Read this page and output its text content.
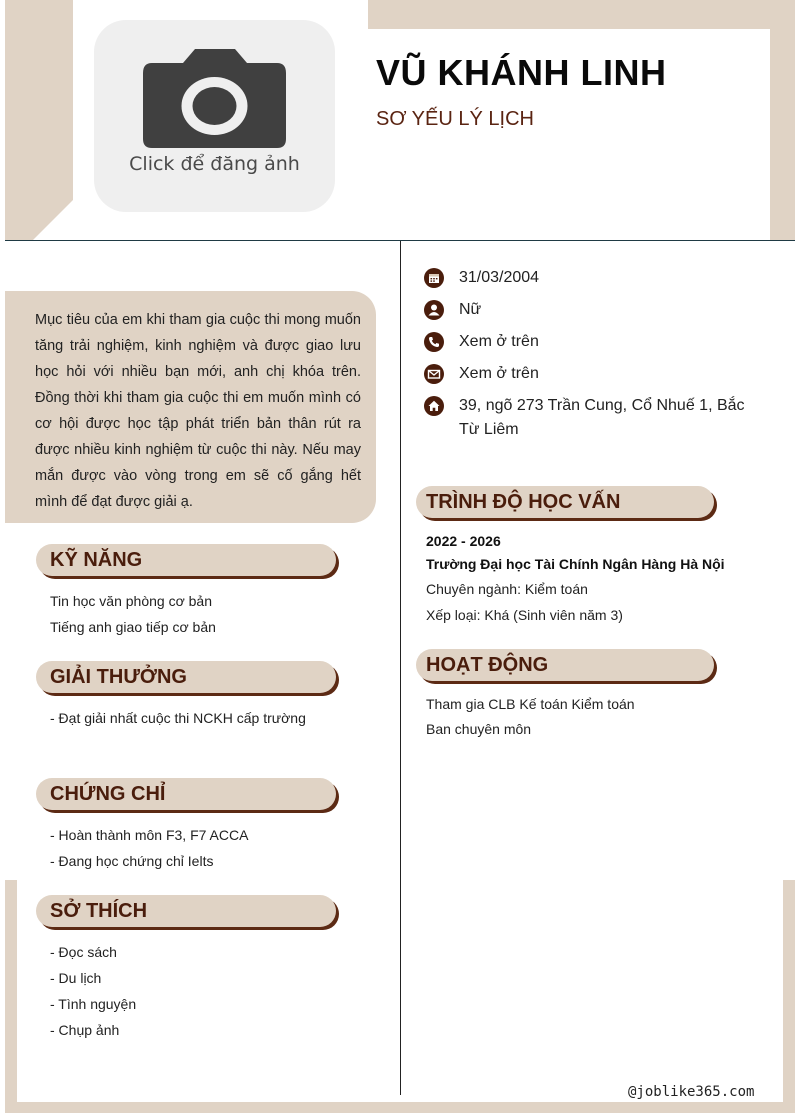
Click để đăng ảnh
VŨ KHÁNH LINH
SƠ YẾU LÝ LỊCH

Mục tiêu của em khi tham gia cuộc thi mong muốn tăng trải nghiệm, kinh nghiệm và được giao lưu học hỏi với nhiều bạn mới, anh chị khóa trên. Đồng thời khi tham gia cuộc thi em muốn mình có cơ hội được học tập phát triển bản thân rút ra được nhiều kinh nghiệm từ cuộc thi này. Nếu may mắn được vào vòng trong em sẽ cố gắng hết mình để đạt được giải ạ.

31/03/2004
Nữ
Xem ở trên
Xem ở trên
39, ngõ 273 Trần Cung, Cổ Nhuế 1, Bắc Từ Liêm
TRÌNH ĐỘ HỌC VẤN
2022 - 2026
Trường Đại học Tài Chính Ngân Hàng Hà Nội
Chuyên ngành: Kiểm toán
Xếp loại: Khá (Sinh viên năm 3)
HOẠT ĐỘNG
Tham gia CLB Kế toán Kiểm toán
Ban chuyên môn
KỸ NĂNG
Tin học văn phòng cơ bản
Tiếng anh giao tiếp cơ bản
GIẢI THƯỞNG
- Đạt giải nhất cuộc thi NCKH cấp trường
CHỨNG CHỈ
- Hoàn thành môn F3, F7 ACCA
- Đang học chứng chỉ Ielts
SỞ THÍCH
- Đọc sách
- Du lịch
- Tình nguyện
- Chụp ảnh
@joblike365.com
